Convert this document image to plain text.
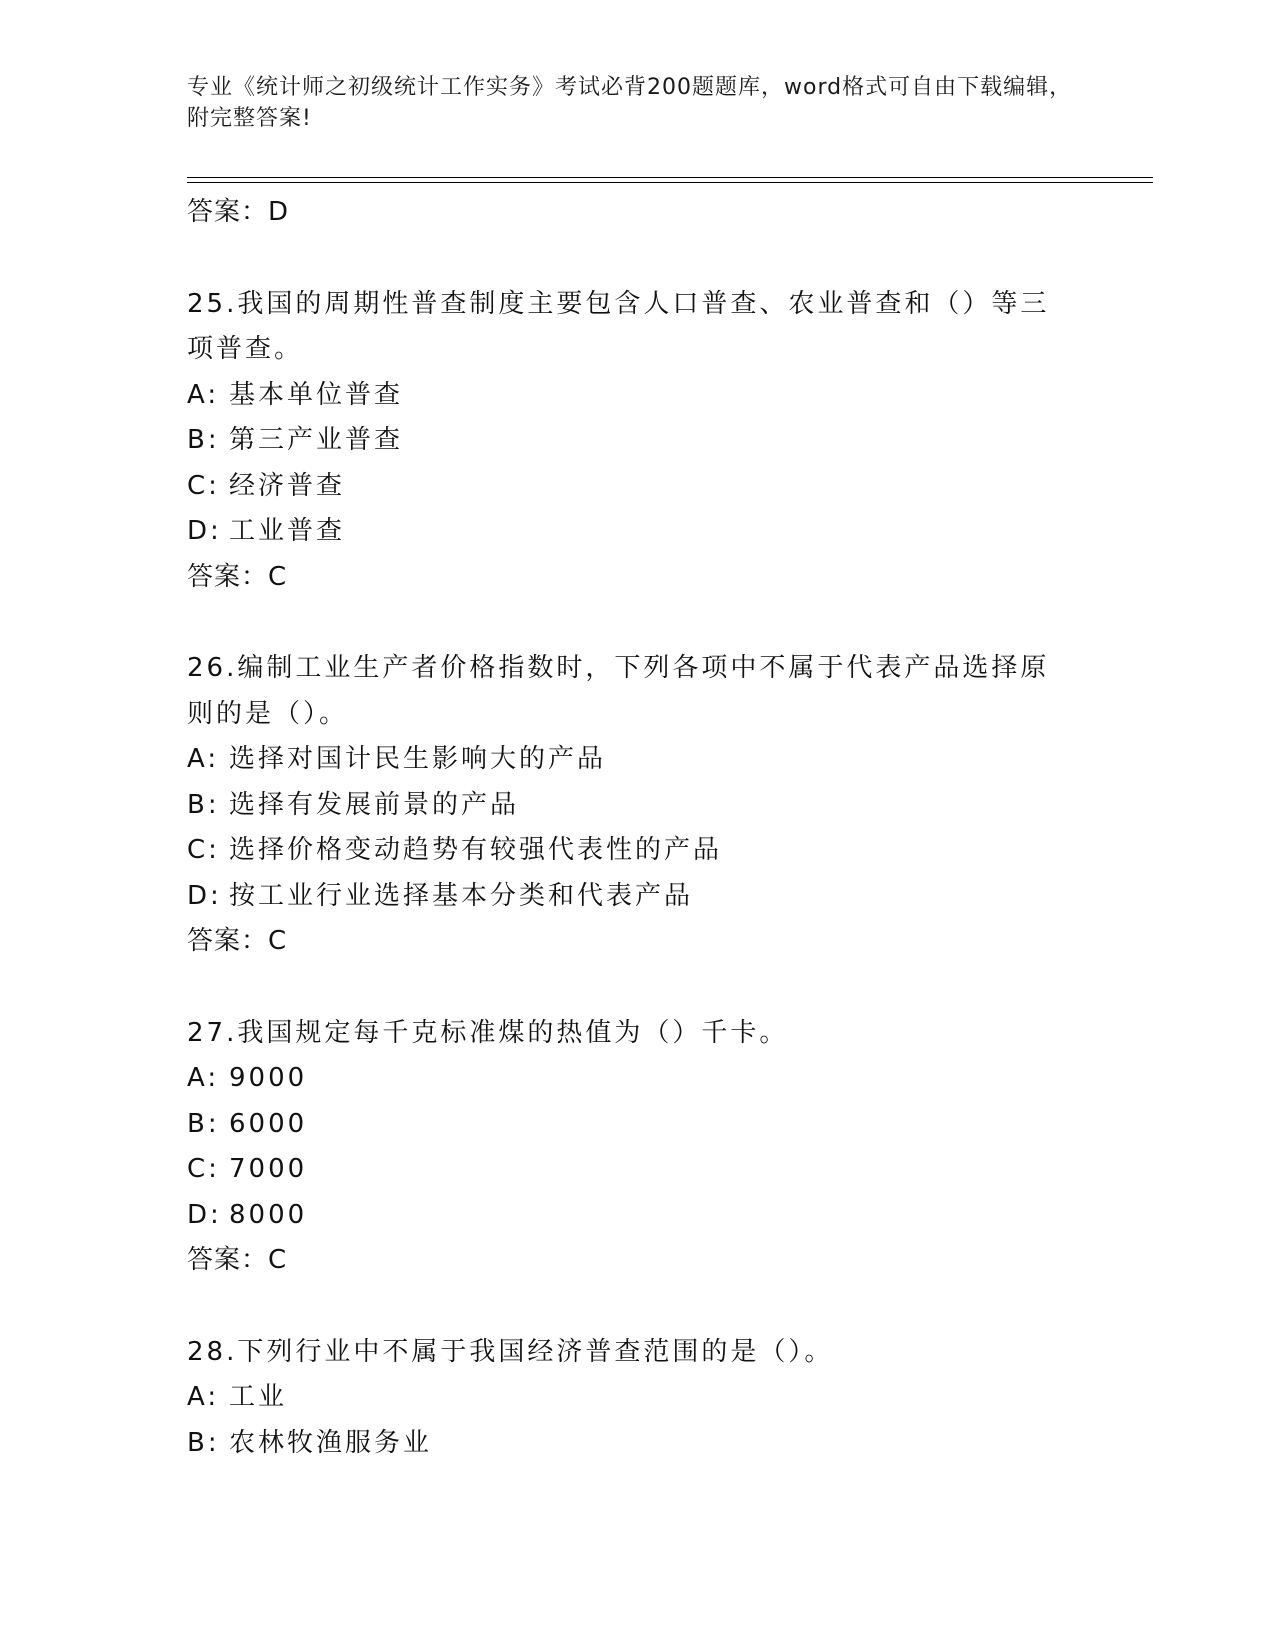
专业《统计师之初级统计工作实务》考试必背200题题库，word格式可自由下载编辑，附完整答案!
答案：D
25.我国的周期性普查制度主要包含人口普查、农业普查和（）等三项普查。
A: 基本单位普查
B: 第三产业普查
C: 经济普查
D: 工业普查
答案：C
26.编制工业生产者价格指数时，下列各项中不属于代表产品选择原则的是（）。
A: 选择对国计民生影响大的产品
B: 选择有发展前景的产品
C: 选择价格变动趋势有较强代表性的产品
D: 按工业行业选择基本分类和代表产品
答案：C
27.我国规定每千克标准煤的热值为（）千卡。
A: 9000
B: 6000
C: 7000
D: 8000
答案：C
28.下列行业中不属于我国经济普查范围的是（）。
A: 工业
B: 农林牧渔服务业
